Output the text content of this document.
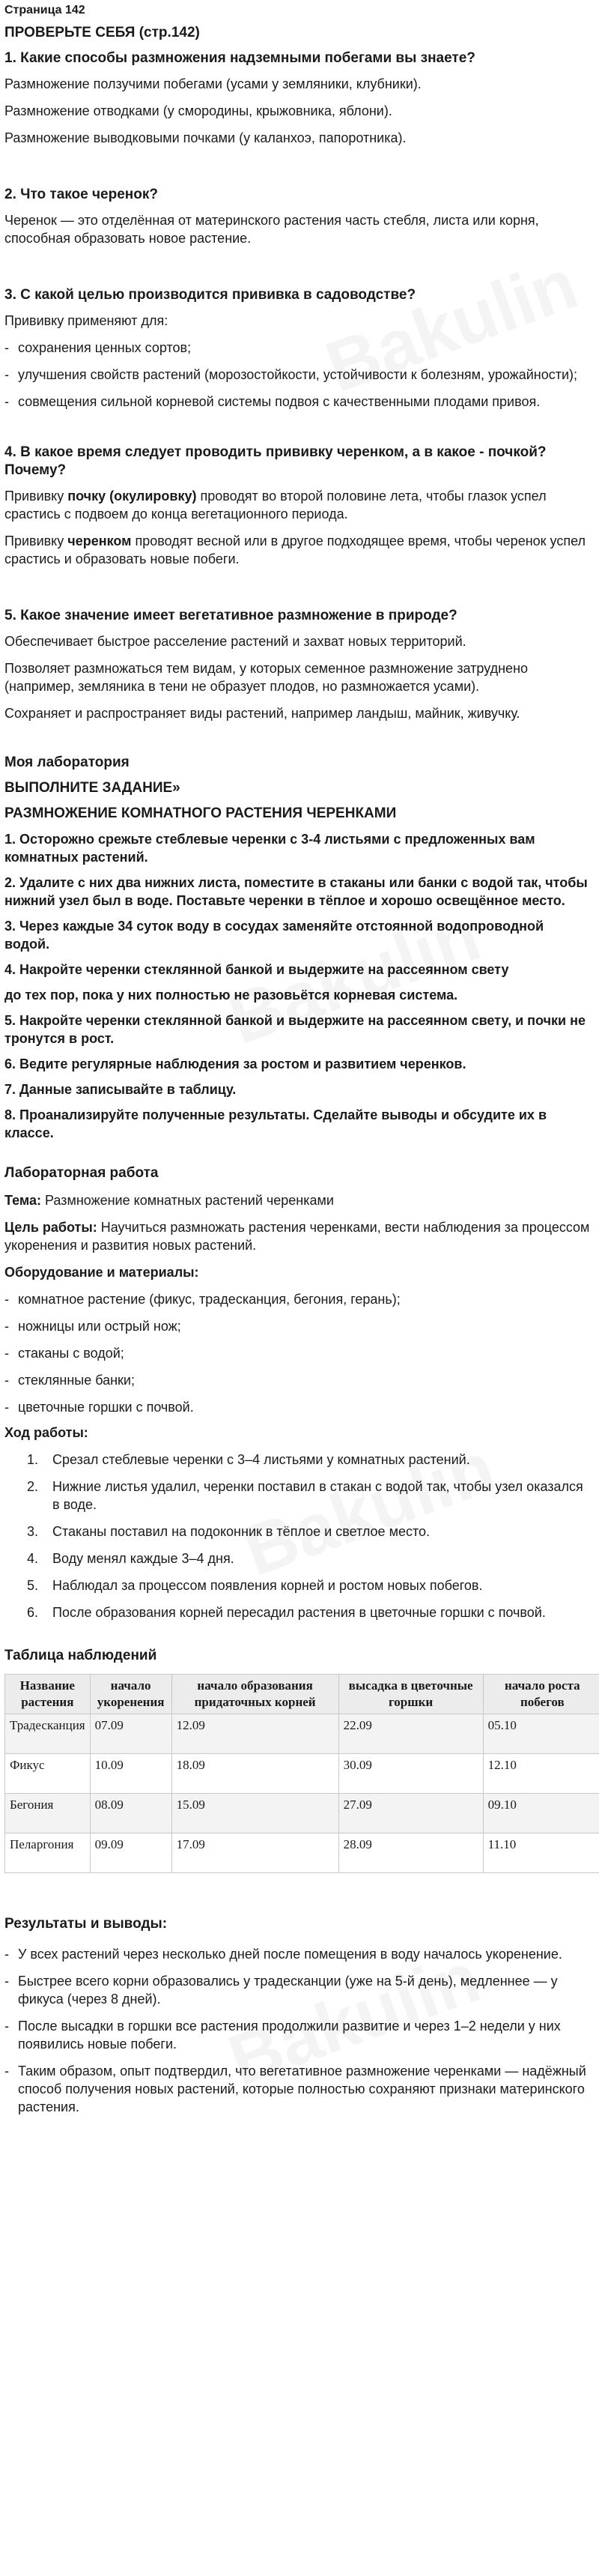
Страница 142

ПРОВЕРЬТЕ СЕБЯ (стр.142)

1. Какие способы размножения надземными побегами вы знаете?

Размножение ползучими побегами (усами у земляники, клубники).

Размножение отводками (у смородины, крыжовника, яблони).

Размножение выводковыми почками (у каланхоэ, папоротника).

2. Что такое черенок?

Черенок — это отделённая от материнского растения часть стебля, листа или корня, способная образовать новое растение.

3. С какой целью производится прививка в садоводстве?

Прививку применяют для:

- сохранения ценных сортов;
- улучшения свойств растений (морозостойкости, устойчивости к болезням, урожайности);
- совмещения сильной корневой системы подвоя с качественными плодами привоя.

4. В какое время следует проводить прививку черенком, а в какое - почкой? Почему?

Прививку почку (окулировку) проводят во второй половине лета, чтобы глазок успел срастись с подвоем до конца вегетационного периода.

Прививку черенком проводят весной или в другое подходящее время, чтобы черенок успел срастись и образовать новые побеги.

5. Какое значение имеет вегетативное размножение в природе?

Обеспечивает быстрое расселение растений и захват новых территорий.

Позволяет размножаться тем видам, у которых семенное размножение затруднено (например, земляника в тени не образует плодов, но размножается усами).

Сохраняет и распространяет виды растений, например ландыш, майник, живучку.

Моя лаборатория

ВЫПОЛНИТЕ ЗАДАНИЕ»

РАЗМНОЖЕНИЕ КОМНАТНОГО РАСТЕНИЯ ЧЕРЕНКАМИ

1. Осторожно срежьте стеблевые черенки с 3-4 листьями с предложенных вам комнатных растений.

2. Удалите с них два нижних листа, поместите в стаканы или банки с водой так, чтобы нижний узел был в воде. Поставьте черенки в тёплое и хорошо освещённое место.

3. Через каждые 34 суток воду в сосудах заменяйте отстоянной водопроводной водой.

4. Накройте черенки стеклянной банкой и выдержите на рассеянном свету

до тех пор, пока у них полностью не разовьётся корневая система.

5. Накройте черенки стеклянной банкой и выдержите на рассеянном свету, и почки не тронутся в рост.

6. Ведите регулярные наблюдения за ростом и развитием черенков.

7. Данные записывайте в таблицу.

8. Проанализируйте полученные результаты. Сделайте выводы и обсудите их в классе.

Лабораторная работа

Тема: Размножение комнатных растений черенками

Цель работы: Научиться размножать растения черенками, вести наблюдения за процессом укоренения и развития новых растений.

Оборудование и материалы:

- комнатное растение (фикус, традесканция, бегония, герань);
- ножницы или острый нож;
- стаканы с водой;
- стеклянные банки;
- цветочные горшки с почвой.

Ход работы:

1. Срезал стеблевые черенки с 3–4 листьями у комнатных растений.
2. Нижние листья удалил, черенки поставил в стакан с водой так, чтобы узел оказался в воде.
3. Стаканы поставил на подоконник в тёплое и светлое место.
4. Воду менял каждые 3–4 дня.
5. Наблюдал за процессом появления корней и ростом новых побегов.
6. После образования корней пересадил растения в цветочные горшки с почвой.

Таблица наблюдений

Название растения	начало укоренения	начало образования придаточных корней	высадка в цветочные горшки	начало роста побегов
Традесканция	07.09	12.09	22.09	05.10
Фикус	10.09	18.09	30.09	12.10
Бегония	08.09	15.09	27.09	09.10
Пеларгония	09.09	17.09	28.09	11.10

Результаты и выводы:

- У всех растений через несколько дней после помещения в воду началось укоренение.
- Быстрее всего корни образовались у традесканции (уже на 5-й день), медленнее — у фикуса (через 8 дней).
- После высадки в горшки все растения продолжили развитие и через 1–2 недели у них появились новые побеги.
- Таким образом, опыт подтвердил, что вегетативное размножение черенками — надёжный способ получения новых растений, которые полностью сохраняют признаки материнского растения.
